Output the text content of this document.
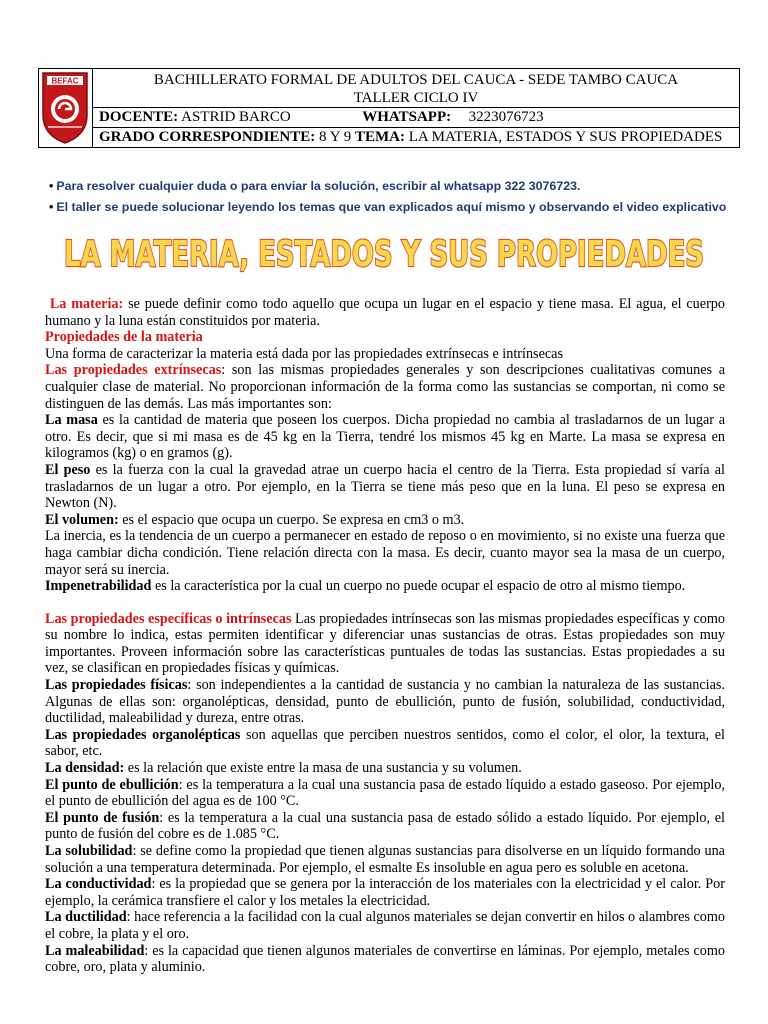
BEFAC	BACHILLERATO FORMAL DE ADULTOS DEL CAUCA - SEDE TAMBO CAUCA
TALLER CICLO IV
DOCENTE: ASTRID BARCO	WHATSAPP: 3223076723
GRADO CORRESPONDIENTE: 8 Y 9 TEMA: LA MATERIA, ESTADOS Y SUS PROPIEDADES
• Para resolver cualquier duda o para enviar la solución, escribir al whatsapp 322 3076723.
• El taller se puede solucionar leyendo los temas que van explicados aquí mismo y observando el video explicativo
LA MATERIA, ESTADOS Y SUS PROPIEDADES

La materia: se puede definir como todo aquello que ocupa un lugar en el espacio y tiene masa. El agua, el cuerpo humano y la luna están constituidos por materia.

Propiedades de la materia

Una forma de caracterizar la materia está dada por las propiedades extrínsecas e intrínsecas

Las propiedades extrínsecas: son las mismas propiedades generales y son descripciones cualitativas comunes a cualquier clase de material. No proporcionan información de la forma como las sustancias se comportan, ni como se distinguen de las demás. Las más importantes son:

La masa es la cantidad de materia que poseen los cuerpos. Dicha propiedad no cambia al trasladarnos de un lugar a otro. Es decir, que si mi masa es de 45 kg en la Tierra, tendré los mismos 45 kg en Marte. La masa se expresa en kilogramos (kg) o en gramos (g).

El peso es la fuerza con la cual la gravedad atrae un cuerpo hacia el centro de la Tierra. Esta propiedad sí varía al trasladarnos de un lugar a otro. Por ejemplo, en la Tierra se tiene más peso que en la luna. El peso se expresa en Newton (N).

El volumen: es el espacio que ocupa un cuerpo. Se expresa en cm3 o m3.

La inercia, es la tendencia de un cuerpo a permanecer en estado de reposo o en movimiento, si no existe una fuerza que haga cambiar dicha condición. Tiene relación directa con la masa. Es decir, cuanto mayor sea la masa de un cuerpo, mayor será su inercia.

Impenetrabilidad es la característica por la cual un cuerpo no puede ocupar el espacio de otro al mismo tiempo.

Las propiedades específicas o intrínsecas Las propiedades intrínsecas son las mismas propiedades específicas y como su nombre lo indica, estas permiten identificar y diferenciar unas sustancias de otras. Estas propiedades son muy importantes. Proveen información sobre las características puntuales de todas las sustancias. Estas propiedades a su vez, se clasifican en propiedades físicas y químicas.

Las propiedades físicas: son independientes a la cantidad de sustancia y no cambian la naturaleza de las sustancias. Algunas de ellas son: organolépticas, densidad, punto de ebullición, punto de fusión, solubilidad, conductividad, ductilidad, maleabilidad y dureza, entre otras.

Las propiedades organolépticas son aquellas que perciben nuestros sentidos, como el color, el olor, la textura, el sabor, etc.

La densidad: es la relación que existe entre la masa de una sustancia y su volumen.

El punto de ebullición: es la temperatura a la cual una sustancia pasa de estado líquido a estado gaseoso. Por ejemplo, el punto de ebullición del agua es de 100 °C.

El punto de fusión: es la temperatura a la cual una sustancia pasa de estado sólido a estado líquido. Por ejemplo, el punto de fusión del cobre es de 1.085 °C.

La solubilidad: se define como la propiedad que tienen algunas sustancias para disolverse en un líquido formando una solución a una temperatura determinada. Por ejemplo, el esmalte Es insoluble en agua pero es soluble en acetona.

La conductividad: es la propiedad que se genera por la interacción de los materiales con la electricidad y el calor. Por ejemplo, la cerámica transfiere el calor y los metales la electricidad.

La ductilidad: hace referencia a la facilidad con la cual algunos materiales se dejan convertir en hilos o alambres como el cobre, la plata y el oro.

La maleabilidad: es la capacidad que tienen algunos materiales de convertirse en láminas. Por ejemplo, metales como cobre, oro, plata y aluminio.
